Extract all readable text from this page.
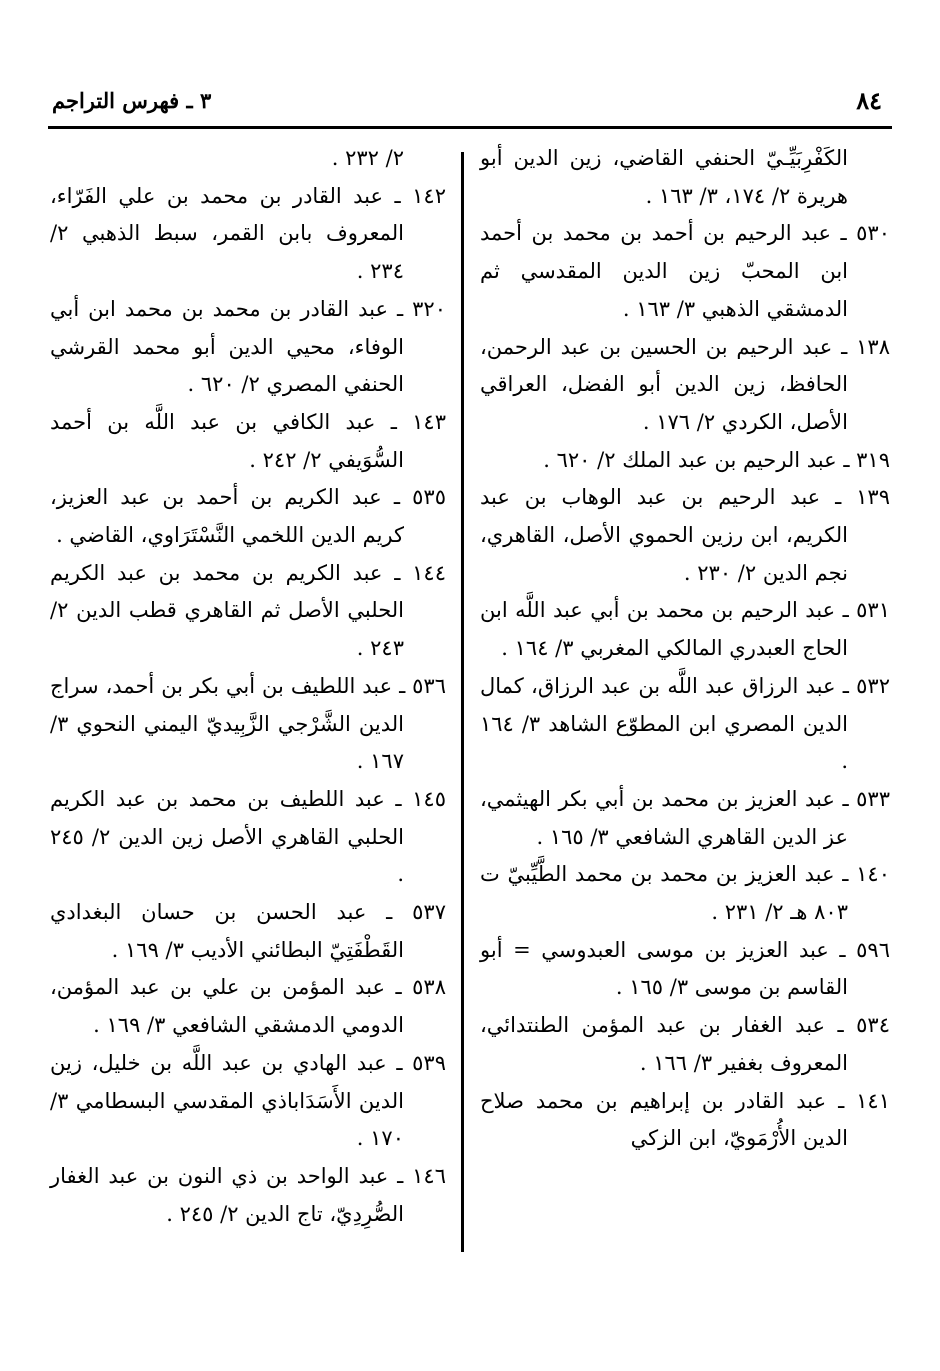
٨٤
٣ ـ فهرس التراجم

الكَفْرِبَيِّـيّ الحنفي القاضي، زين الدين أبو هريرة ٢/ ١٧٤، ٣/ ١٦٣ .

٥٣٠ ـ عبد الرحيم بن أحمد بن محمد بن أحمد ابن المحبّ زين الدين المقدسي ثم الدمشقي الذهبي ٣/ ١٦٣ .

١٣٨ ـ عبد الرحيم بن الحسين بن عبد الرحمن، الحافظ، زين الدين أبو الفضل، العراقي الأصل، الكردي ٢/ ١٧٦ .

٣١٩ ـ عبد الرحيم بن عبد الملك ٢/ ٦٢٠ .

١٣٩ ـ عبد الرحيم بن عبد الوهاب بن عبد الكريم، ابن رزين الحموي الأصل، القاهري، نجم الدين ٢/ ٢٣٠ .

٥٣١ ـ عبد الرحيم بن محمد بن أبي عبد اللَّه ابن الحاج العبدري المالكي المغربي ٣/ ١٦٤ .

٥٣٢ ـ عبد الرزاق عبد اللَّه بن عبد الرزاق، كمال الدين المصري ابن المطوّع الشاهد ٣/ ١٦٤ .

٥٣٣ ـ عبد العزيز بن محمد بن أبي بكر الهيثمي، عز الدين القاهري الشافعي ٣/ ١٦٥ .

١٤٠ ـ عبد العزيز بن محمد بن محمد الطَّيِّبيّ ت ٨٠٣ هـ ٢/ ٢٣١ .

٥٩٦ ـ عبد العزيز بن موسى العبدوسي = أبو القاسم بن موسى ٣/ ١٦٥ .

٥٣٤ ـ عبد الغفار بن عبد المؤمن الطنتدائي، المعروف بغفير ٣/ ١٦٦ .

١٤١ ـ عبد القادر بن إبراهيم بن محمد صلاح الدين الأُرْمَويّ، ابن الزكي

٢/ ٢٣٢ .

١٤٢ ـ عبد القادر بن محمد بن علي الفَرّاء، المعروف بابن القمر، سبط الذهبي ٢/ ٢٣٤ .

٣٢٠ ـ عبد القادر بن محمد بن محمد ابن أبي الوفاء، محيي الدين أبو محمد القرشي الحنفي المصري ٢/ ٦٢٠ .

١٤٣ ـ عبد الكافي بن عبد اللَّه بن أحمد السُّوَيفي ٢/ ٢٤٢ .

٥٣٥ ـ عبد الكريم بن أحمد بن عبد العزيز، كريم الدين اللخمي النَّسْتَرَاوي، القاضي .

١٤٤ ـ عبد الكريم بن محمد بن عبد الكريم الحلبي الأصل ثم القاهري قطب الدين ٢/ ٢٤٣ .

٥٣٦ ـ عبد اللطيف بن أبي بكر بن أحمد، سراج الدين الشَّرْجي الزَّبِيديّ اليمني النحوي ٣/ ١٦٧ .

١٤٥ ـ عبد اللطيف بن محمد بن عبد الكريم الحلبي القاهري الأصل زين الدين ٢/ ٢٤٥ .

٥٣٧ ـ عبد الحسن بن حسان البغدادي القَطْفَتِيّ البطائني الأديب ٣/ ١٦٩ .

٥٣٨ ـ عبد المؤمن بن علي بن عبد المؤمن، الدومي الدمشقي الشافعي ٣/ ١٦٩ .

٥٣٩ ـ عبد الهادي بن عبد اللَّه بن خليل، زين الدين الأَسَدَاباذي المقدسي البسطامي ٣/ ١٧٠ .

١٤٦ ـ عبد الواحد بن ذي النون بن عبد الغفار الصُّرِدِيّ، تاج الدين ٢/ ٢٤٥ .
